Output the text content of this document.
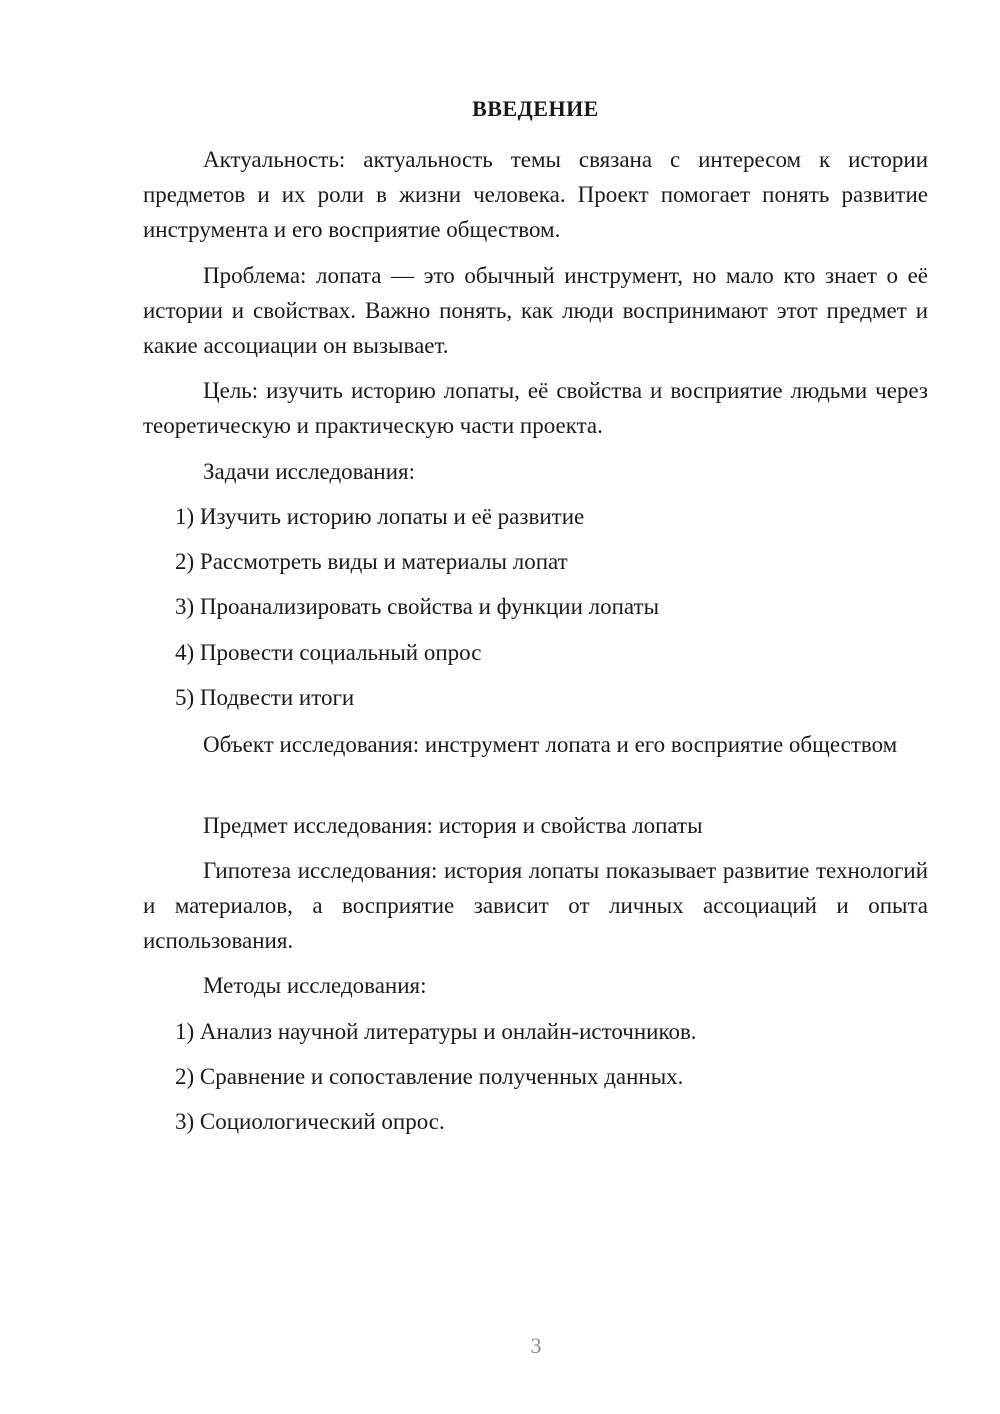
ВВЕДЕНИЕ

Актуальность: актуальность темы связана с интересом к истории предметов и их роли в жизни человека. Проект помогает понять развитие инструмента и его восприятие обществом.

Проблема: лопата — это обычный инструмент, но мало кто знает о её истории и свойствах. Важно понять, как люди воспринимают этот предмет и какие ассоциации он вызывает.

Цель: изучить историю лопаты, её свойства и восприятие людьми через теоретическую и практическую части проекта.

Задачи исследования:

1) Изучить историю лопаты и её развитие

2) Рассмотреть виды и материалы лопат

3) Проанализировать свойства и функции лопаты

4) Провести социальный опрос

5) Подвести итоги

Объект исследования: инструмент лопата и его восприятие обществом

Предмет исследования: история и свойства лопаты

Гипотеза исследования: история лопаты показывает развитие технологий и материалов, а восприятие зависит от личных ассоциаций и опыта использования.

Методы исследования:

1) Анализ научной литературы и онлайн-источников.

2) Сравнение и сопоставление полученных данных.

3) Социологический опрос.

3
